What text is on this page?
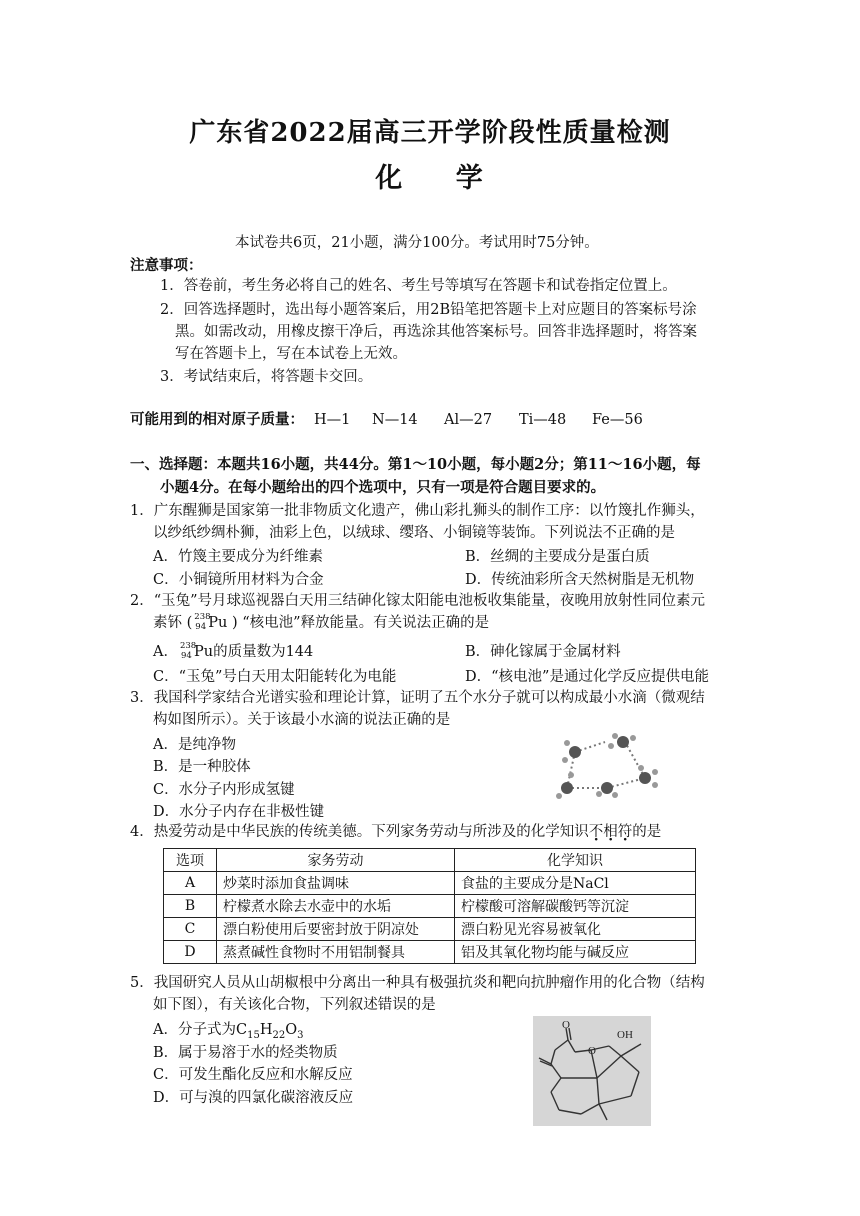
广东省2022届高三开学阶段性质量检测
化 学
本试卷共6页，21小题，满分100分。考试用时75分钟。
注意事项：
1．答卷前，考生务必将自己的姓名、考生号等填写在答题卡和试卷指定位置上。
2．回答选择题时，选出每小题答案后，用2B铅笔把答题卡上对应题目的答案标号涂
黑。如需改动，用橡皮擦干净后，再选涂其他答案标号。回答非选择题时，将答案
写在答题卡上，写在本试卷上无效。
3．考试结束后，将答题卡交回。
可能用到的相对原子质量： H—1 N—14 Al—27 Ti—48 Fe—56
一、选择题：本题共16小题，共44分。第1～10小题，每小题2分；第11～16小题，每
小题4分。在每小题给出的四个选项中，只有一项是符合题目要求的。
1．广东醒狮是国家第一批非物质文化遗产，佛山彩扎狮头的制作工序：以竹篾扎作狮头，
以纱纸纱绸朴狮，油彩上色，以绒球、缨珞、小铜镜等装饰。下列说法不正确的是
A．竹篾主要成分为纤维素	B．丝绸的主要成分是蛋白质
C．小铜镜所用材料为合金	D．传统油彩所含天然树脂是无机物
2．“玉兔”号月球巡视器白天用三结砷化镓太阳能电池板收集能量，夜晚用放射性同位素元
素钚 ( 238
94 Pu ) “核电池”释放能量。有关说法正确的是
A． 238
94 Pu的质量数为144	B．砷化镓属于金属材料
C．“玉兔”号白天用太阳能转化为电能	D．“核电池”是通过化学反应提供电能
3．我国科学家结合光谱实验和理论计算，证明了五个水分子就可以构成最小水滴（微观结
构如图所示）。关于该最小水滴的说法正确的是
A．是纯净物
B．是一种胶体
C．水分子内形成氢键
D．水分子内存在非极性键
4．热爱劳动是中华民族的传统美德。下列家务劳动与所涉及的化学知识不相符的是
选项	家务劳动	化学知识
A	炒菜时添加食盐调味	食盐的主要成分是NaCl
B	柠檬煮水除去水壶中的水垢	柠檬酸可溶解碳酸钙等沉淀
C	漂白粉使用后要密封放于阴凉处	漂白粉见光容易被氧化
D	蒸煮碱性食物时不用铝制餐具	铝及其氧化物均能与碱反应
5．我国研究人员从山胡椒根中分离出一种具有极强抗炎和靶向抗肿瘤作用的化合物（结构
如下图），有关该化合物，下列叙述错误的是
A．分子式为$C_{15}H_{22}O_3$
B．属于易溶于水的烃类物质
C．可发生酯化反应和水解反应
D．可与溴的四氯化碳溶液反应
O
O
OH
